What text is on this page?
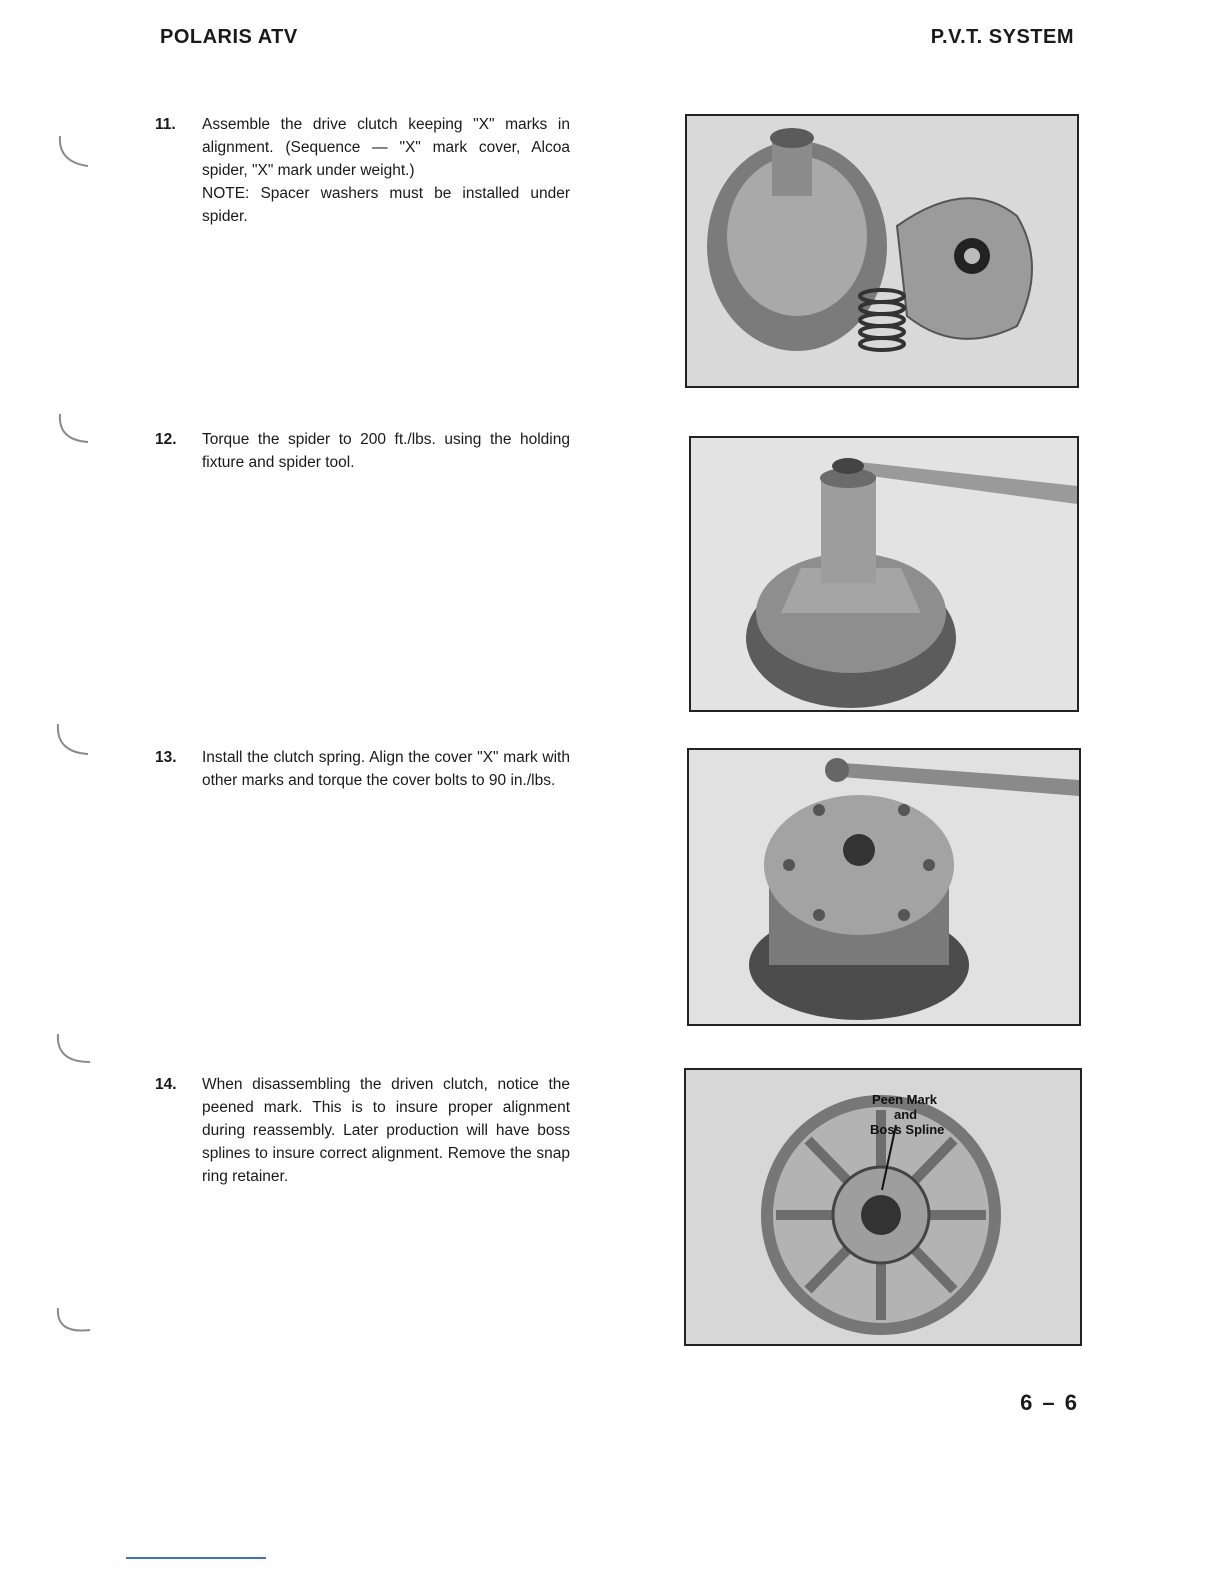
POLARIS ATV	P.V.T. SYSTEM
11. Assemble the drive clutch keeping "X" marks in alignment. (Sequence — "X" mark cover, Alcoa spider, "X" mark under weight.)
NOTE: Spacer washers must be installed under spider.
12. Torque the spider to 200 ft./lbs. using the holding fixture and spider tool.
13. Install the clutch spring. Align the cover "X" mark with other marks and torque the cover bolts to 90 in./lbs.
14. When disassembling the driven clutch, notice the peened mark. This is to insure proper alignment during reassembly. Later production will have boss splines to insure correct alignment. Remove the snap ring retainer.
Peen Mark
and
Boss Spline
6 – 6
